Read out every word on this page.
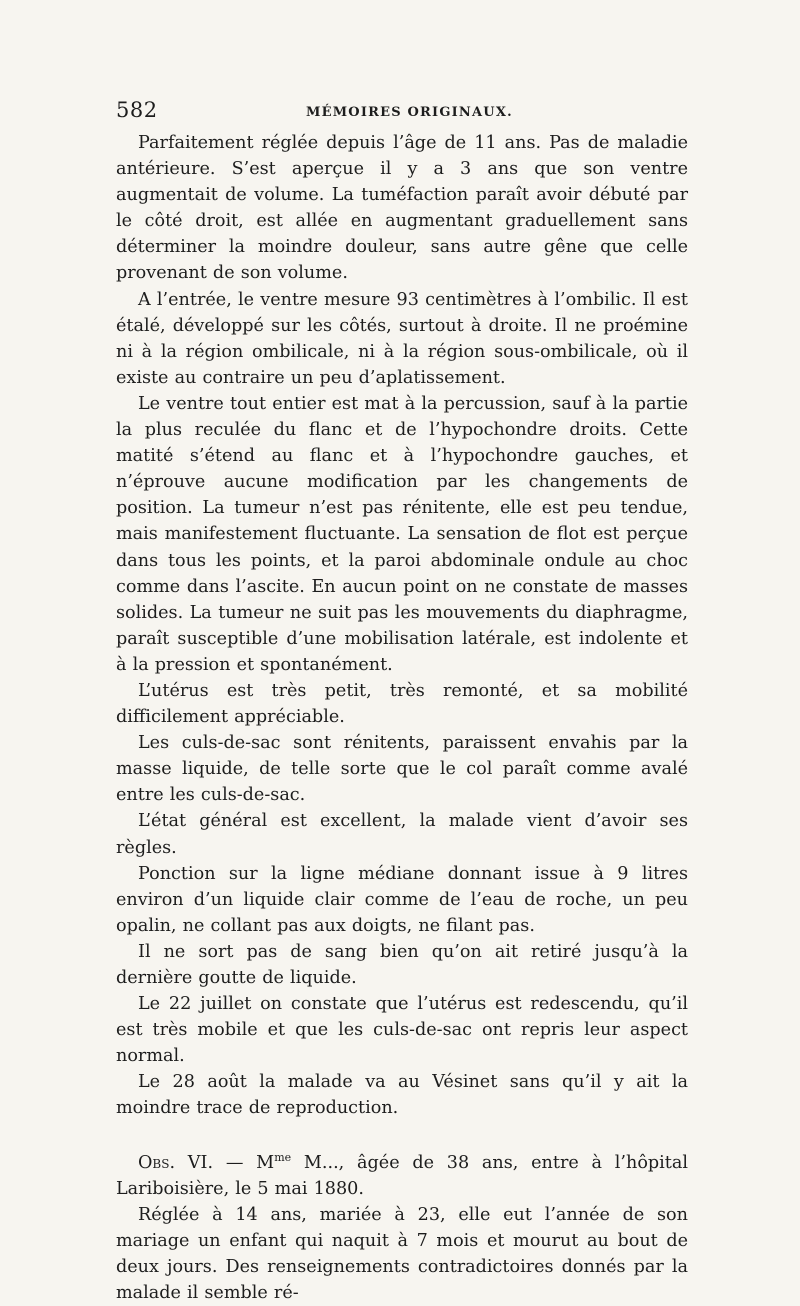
582	MÉMOIRES ORIGINAUX.

Parfaitement réglée depuis l’âge de 11 ans. Pas de maladie antérieure. S’est aperçue il y a 3 ans que son ventre augmentait de volume. La tuméfaction paraît avoir débuté par le côté droit, est allée en augmentant graduellement sans déterminer la moindre douleur, sans autre gêne que celle provenant de son volume.

A l’entrée, le ventre mesure 93 centimètres à l’ombilic. Il est étalé, développé sur les côtés, surtout à droite. Il ne proémine ni à la région ombilicale, ni à la région sous-ombilicale, où il existe au contraire un peu d’aplatissement.

Le ventre tout entier est mat à la percussion, sauf à la partie la plus reculée du flanc et de l’hypochondre droits. Cette matité s’étend au flanc et à l’hypochondre gauches, et n’éprouve aucune modification par les changements de position. La tumeur n’est pas rénitente, elle est peu tendue, mais manifestement fluctuante. La sensation de flot est perçue dans tous les points, et la paroi abdominale ondule au choc comme dans l’ascite. En aucun point on ne constate de masses solides. La tumeur ne suit pas les mouvements du diaphragme, paraît susceptible d’une mobilisation latérale, est indolente et à la pression et spontanément.

L’utérus est très petit, très remonté, et sa mobilité difficilement appréciable.

Les culs-de-sac sont rénitents, paraissent envahis par la masse liquide, de telle sorte que le col paraît comme avalé entre les culs-de-sac.

L’état général est excellent, la malade vient d’avoir ses règles.

Ponction sur la ligne médiane donnant issue à 9 litres environ d’un liquide clair comme de l’eau de roche, un peu opalin, ne collant pas aux doigts, ne filant pas.

Il ne sort pas de sang bien qu’on ait retiré jusqu’à la dernière goutte de liquide.

Le 22 juillet on constate que l’utérus est redescendu, qu’il est très mobile et que les culs-de-sac ont repris leur aspect normal.

Le 28 août la malade va au Vésinet sans qu’il y ait la moindre trace de reproduction.

Obs. VI. — $M^{me}$ M..., âgée de 38 ans, entre à l’hôpital Lariboisière, le 5 mai 1880.

Réglée à 14 ans, mariée à 23, elle eut l’année de son mariage un enfant qui naquit à 7 mois et mourut au bout de deux jours. Des renseignements contradictoires donnés par la malade il semble ré-
